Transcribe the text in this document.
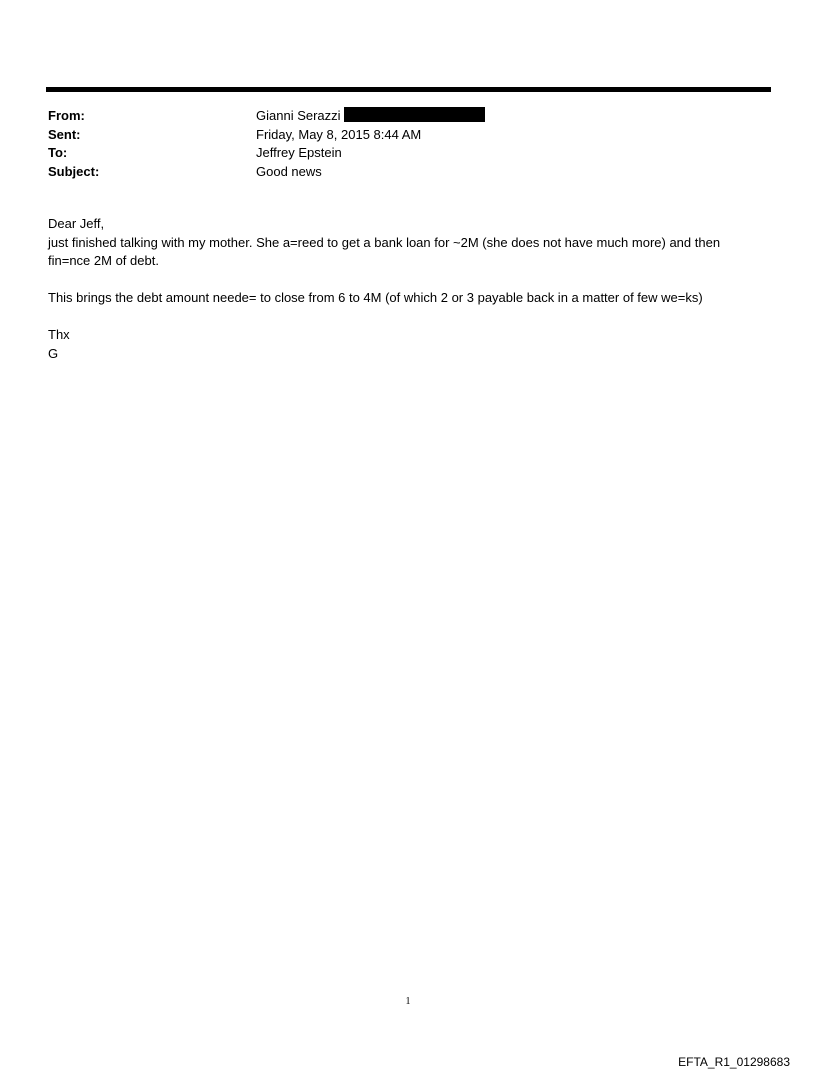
From:	Gianni Serazzi
Sent:	Friday, May 8, 2015 8:44 AM
To:	Jeffrey Epstein
Subject:	Good news

Dear Jeff,

just finished talking with my mother. She a=reed to get a bank loan for ~2M (she does not have much more) and then fin=nce 2M of debt.

This brings the debt amount neede= to close from 6 to 4M (of which 2 or 3 payable back in a matter of few we=ks)

Thx

G

1
EFTA_R1_01298683
